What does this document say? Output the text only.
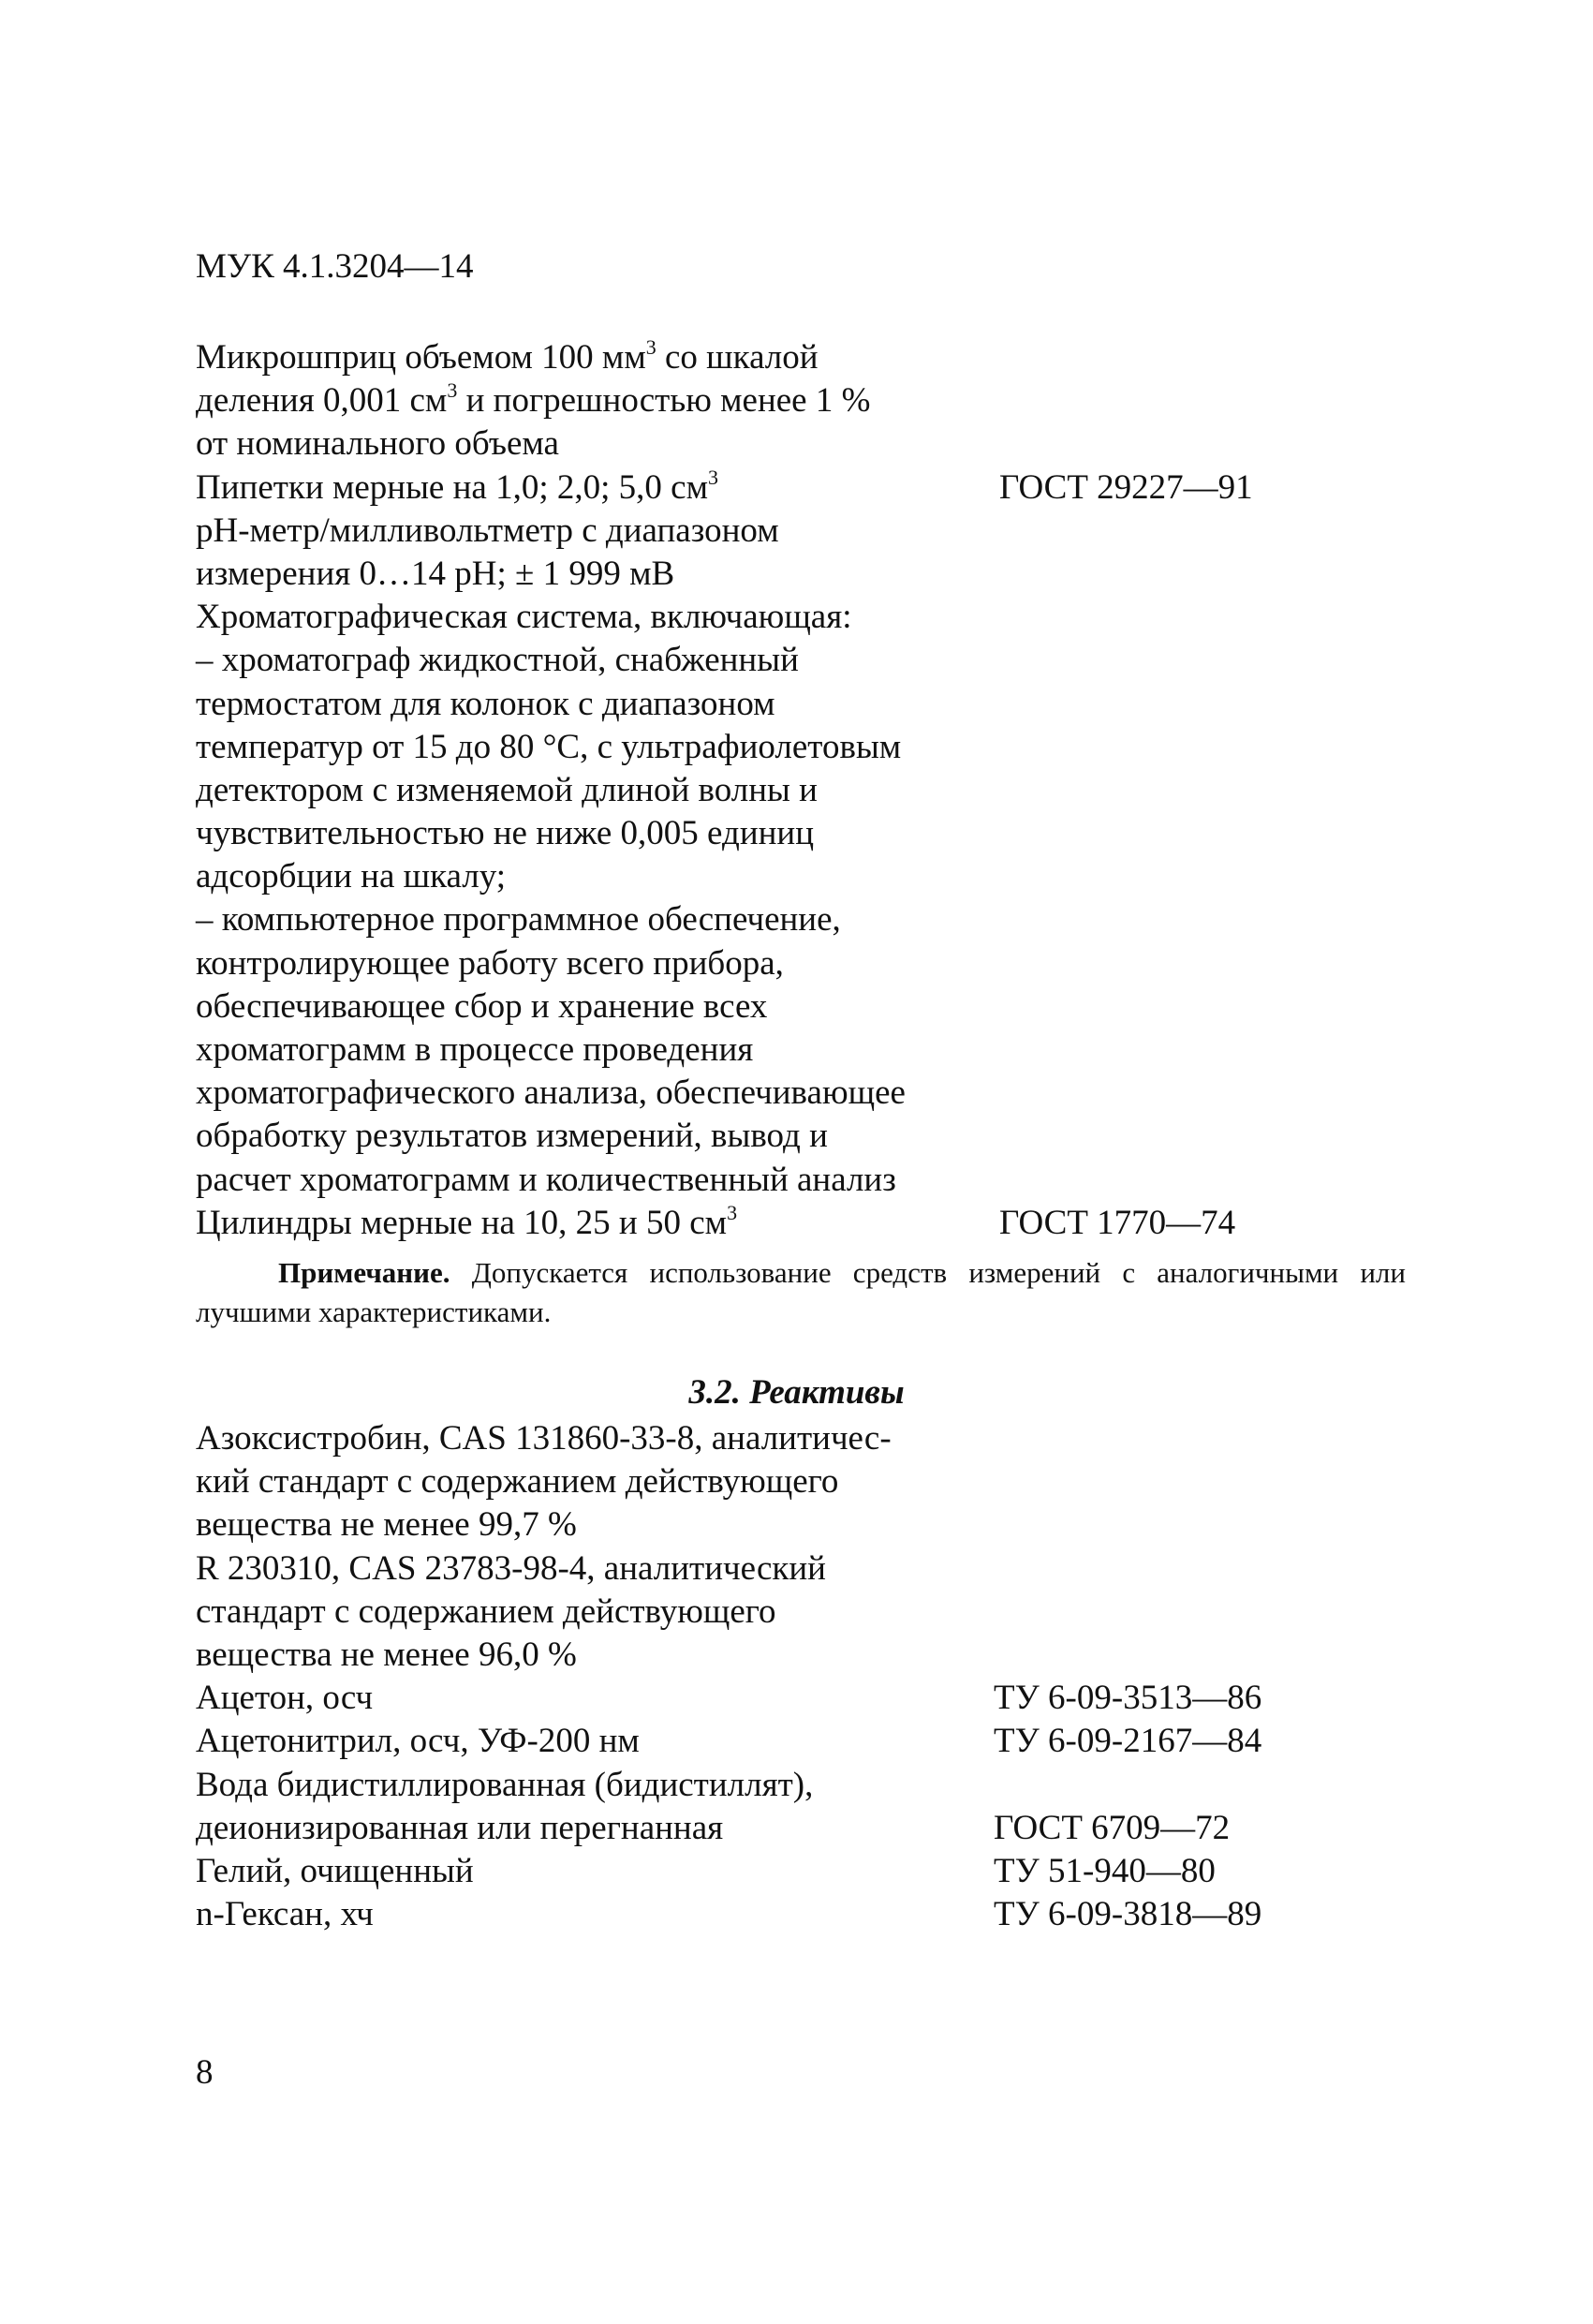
МУК 4.1.3204—14
Микрошприц объемом 100 $мм^3$ со шкалой
деления 0,001 $см^3$ и погрешностью менее 1 %
от номинального объема
Пипетки мерные на 1,0; 2,0; 5,0 $см^3$	ГОСТ 29227—91
pH-метр/милливольтметр с диапазоном
измерения 0…14 pH; ± 1 999 мВ
Хроматографическая система, включающая:
– хроматограф жидкостной, снабженный
термостатом для колонок с диапазоном
температур от 15 до 80 °С, с ультрафиолетовым
детектором с изменяемой длиной волны и
чувствительностью не ниже 0,005 единиц
адсорбции на шкалу;
– компьютерное программное обеспечение,
контролирующее работу всего прибора,
обеспечивающее сбор и хранение всех
хроматограмм в процессе проведения
хроматографического анализа, обеспечивающее
обработку результатов измерений, вывод и
расчет хроматограмм и количественный анализ
Цилиндры мерные на 10, 25 и 50 $см^3$	ГОСТ 1770—74
Примечание. Допускается использование средств измерений с аналогичными или лучшими характеристиками.
3.2. Реактивы
Азоксистробин, CAS 131860-33-8, аналитичес-
кий стандарт с содержанием действующего
вещества не менее 99,7 %
R 230310, CAS 23783-98-4, аналитический
стандарт с содержанием действующего
вещества не менее 96,0 %
Ацетон, осч	ТУ 6-09-3513—86
Ацетонитрил, осч, УФ-200 нм	ТУ 6-09-2167—84
Вода бидистиллированная (бидистиллят),
деионизированная или перегнанная	ГОСТ 6709—72
Гелий, очищенный	ТУ 51-940—80
n-Гексан, хч	ТУ 6-09-3818—89
8
